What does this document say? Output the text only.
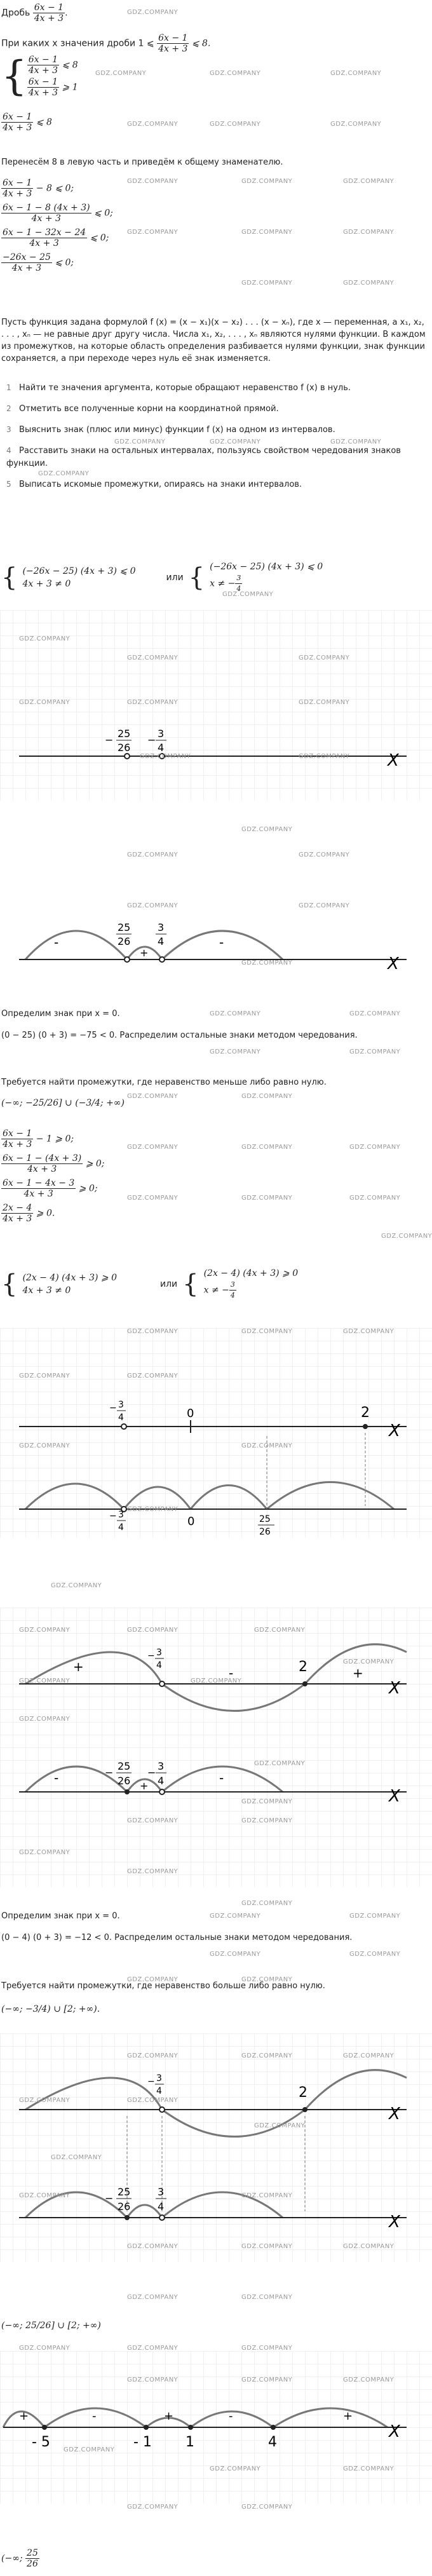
Дробь $\frac{6x - 1}{4x + 3}$ .
При каких x значения дроби 1 ⩽ $\frac{6x - 1}{4x + 3}$ ⩽ 8.
{ $\frac{6x - 1}{4x + 3}$ ⩽ 8
$\frac{6x - 1}{4x + 3}$ ⩾ 1
$\frac{6x - 1}{4x + 3}$ ⩽ 8
Перенесём 8 в левую часть и приведём к общему знаменателю.
$\frac{6x - 1}{4x + 3} - 8$ ⩽ 0;
$\frac{6x - 1 - 8 (4x + 3)}{4x + 3}$ ⩽ 0;
$\frac{6x - 1 - 32x - 24}{4x + 3}$ ⩽ 0;
$\frac{-26x - 25}{4x + 3}$ ⩽ 0;
Пусть функция задана формулой f (x) = (x − x₁)(x − x₂) . . . (x − xₙ), где x — переменная, a x₁, x₂, . . . , xₙ — не равные друг другу числа. Числа x₁, x₂, . . . , xₙ являются нулями функции. В каждом из промежутков, на которые область определения разбивается нулями функции, знак функции сохраняется, а при переходе через нуль её знак изменяется.
1 Найти те значения аргумента, которые обращают неравенство f (x) в нуль.
2 Отметить все полученные корни на координатной прямой.
3 Выяснить знак (плюс или минус) функции f (x) на одном из интервалов.
4 Расставить знаки на остальных интервалах, пользуясь свойством чередования знаков функции.
5 Выписать искомые промежутки, опираясь на знаки интервалов.
{ (−26x − 25) (4x + 3) ⩽ 0
4x + 3 ≠ 0
или { (−26x − 25) (4x + 3) ⩽ 0
x ≠ − $\frac{3}{4}$
−
25
26
−
3
4
X
25
26
3
4
-
+
-
X
Определим знак при x = 0.
(0 − 25) (0 + 3) = −75 < 0. Распределим остальные знаки методом чередования.
Требуется найти промежутки, где неравенство меньше либо равно нулю.
(−∞; −25/26] ∪ (−3/4; +∞)
$\frac{6x - 1}{4x + 3} - 1$ ⩾ 0;
$\frac{6x - 1 - (4x + 3)}{4x + 3}$ ⩾ 0;
$\frac{6x - 1 - 4x - 3}{4x + 3}$ ⩾ 0;
$\frac{2x - 4}{4x + 3}$ ⩾ 0.
{ (2x − 4) (4x + 3) ⩾ 0
4x + 3 ≠ 0
или { (2x − 4) (4x + 3) ⩾ 0
x ≠ − $\frac{3}{4}$
− 3
4	0	2
X
− 3
4	0	25
26
− 3
4	2
+	-	+
X
−
25
26
−
3
4
-
+
-
X
Определим знак при x = 0.
(0 − 4) (0 + 3) = −12 < 0. Распределим остальные знаки методом чередования.
Требуется найти промежутки, где неравенство больше либо равно нулю.
(−∞; −3/4) ∪ [2; +∞).
− 3
4	2
X
−
25
26
3
4
X
(−∞; 25/26] ∪ [2; +∞)
- 5	- 1 1	4
+	-	+	-	+
X
(−∞; $\frac{25}{26}$
GDZ.COMPANY
GDZ.COMPANY	GDZ.COMPANY	GDZ.COMPANY
GDZ.COMPANY	GDZ.COMPANY	GDZ.COMPANY
GDZ.COMPANY	GDZ.COMPANY	GDZ.COMPANY
GDZ.COMPANY	GDZ.COMPANY	GDZ.COMPANY
GDZ.COMPANY	GDZ.COMPANY
GDZ.COMPANY	GDZ.COMPANY	GDZ.COMPANY
GDZ.COMPANY
GDZ.COMPANY
GDZ.COMPANY
GDZ.COMPANY	GDZ.COMPANY
GDZ.COMPANY	GDZ.COMPANY	GDZ.COMPANY
GDZ.COMPANY	GDZ.COMPANY
GDZ.COMPANY
GDZ.COMPANY	GDZ.COMPANY
GDZ.COMPANY	GDZ.COMPANY
GDZ.COMPANY
GDZ.COMPANY	GDZ.COMPANY
GDZ.COMPANY	GDZ.COMPANY
GDZ.COMPANY	GDZ.COMPANY
GDZ.COMPANY	GDZ.COMPANY	GDZ.COMPANY
GDZ.COMPANY	GDZ.COMPANY	GDZ.COMPANY
GDZ.COMPANY
GDZ.COMPANY	GDZ.COMPANY	GDZ.COMPANY
GDZ.COMPANY	GDZ.COMPANY
GDZ.COMPANY	GDZ.COMPANY
GDZ.COMPANY
GDZ.COMPANY
GDZ.COMPANY	GDZ.COMPANY	GDZ.COMPANY
GDZ.COMPANY
GDZ.COMPANY	GDZ.COMPANY
GDZ.COMPANY
GDZ.COMPANY
GDZ.COMPANY
GDZ.COMPANY	GDZ.COMPANY
GDZ.COMPANY
GDZ.COMPANY
GDZ.COMPANY
GDZ.COMPANY	GDZ.COMPANY
GDZ.COMPANY	GDZ.COMPANY
GDZ.COMPANY	GDZ.COMPANY
GDZ.COMPANY	GDZ.COMPANY	GDZ.COMPANY
GDZ.COMPANY	GDZ.COMPANY
GDZ.COMPANY
GDZ.COMPANY
GDZ.COMPANY	GDZ.COMPANY
GDZ.COMPANY	GDZ.COMPANY	GDZ.COMPANY
GDZ.COMPANY	GDZ.COMPANY
GDZ.COMPANY	GDZ.COMPANY	GDZ.COMPANY
GDZ.COMPANY	GDZ.COMPANY	GDZ.COMPANY
GDZ.COMPANY
GDZ.COMPANY	GDZ.COMPANY
GDZ.COMPANY	GDZ.COMPANY
